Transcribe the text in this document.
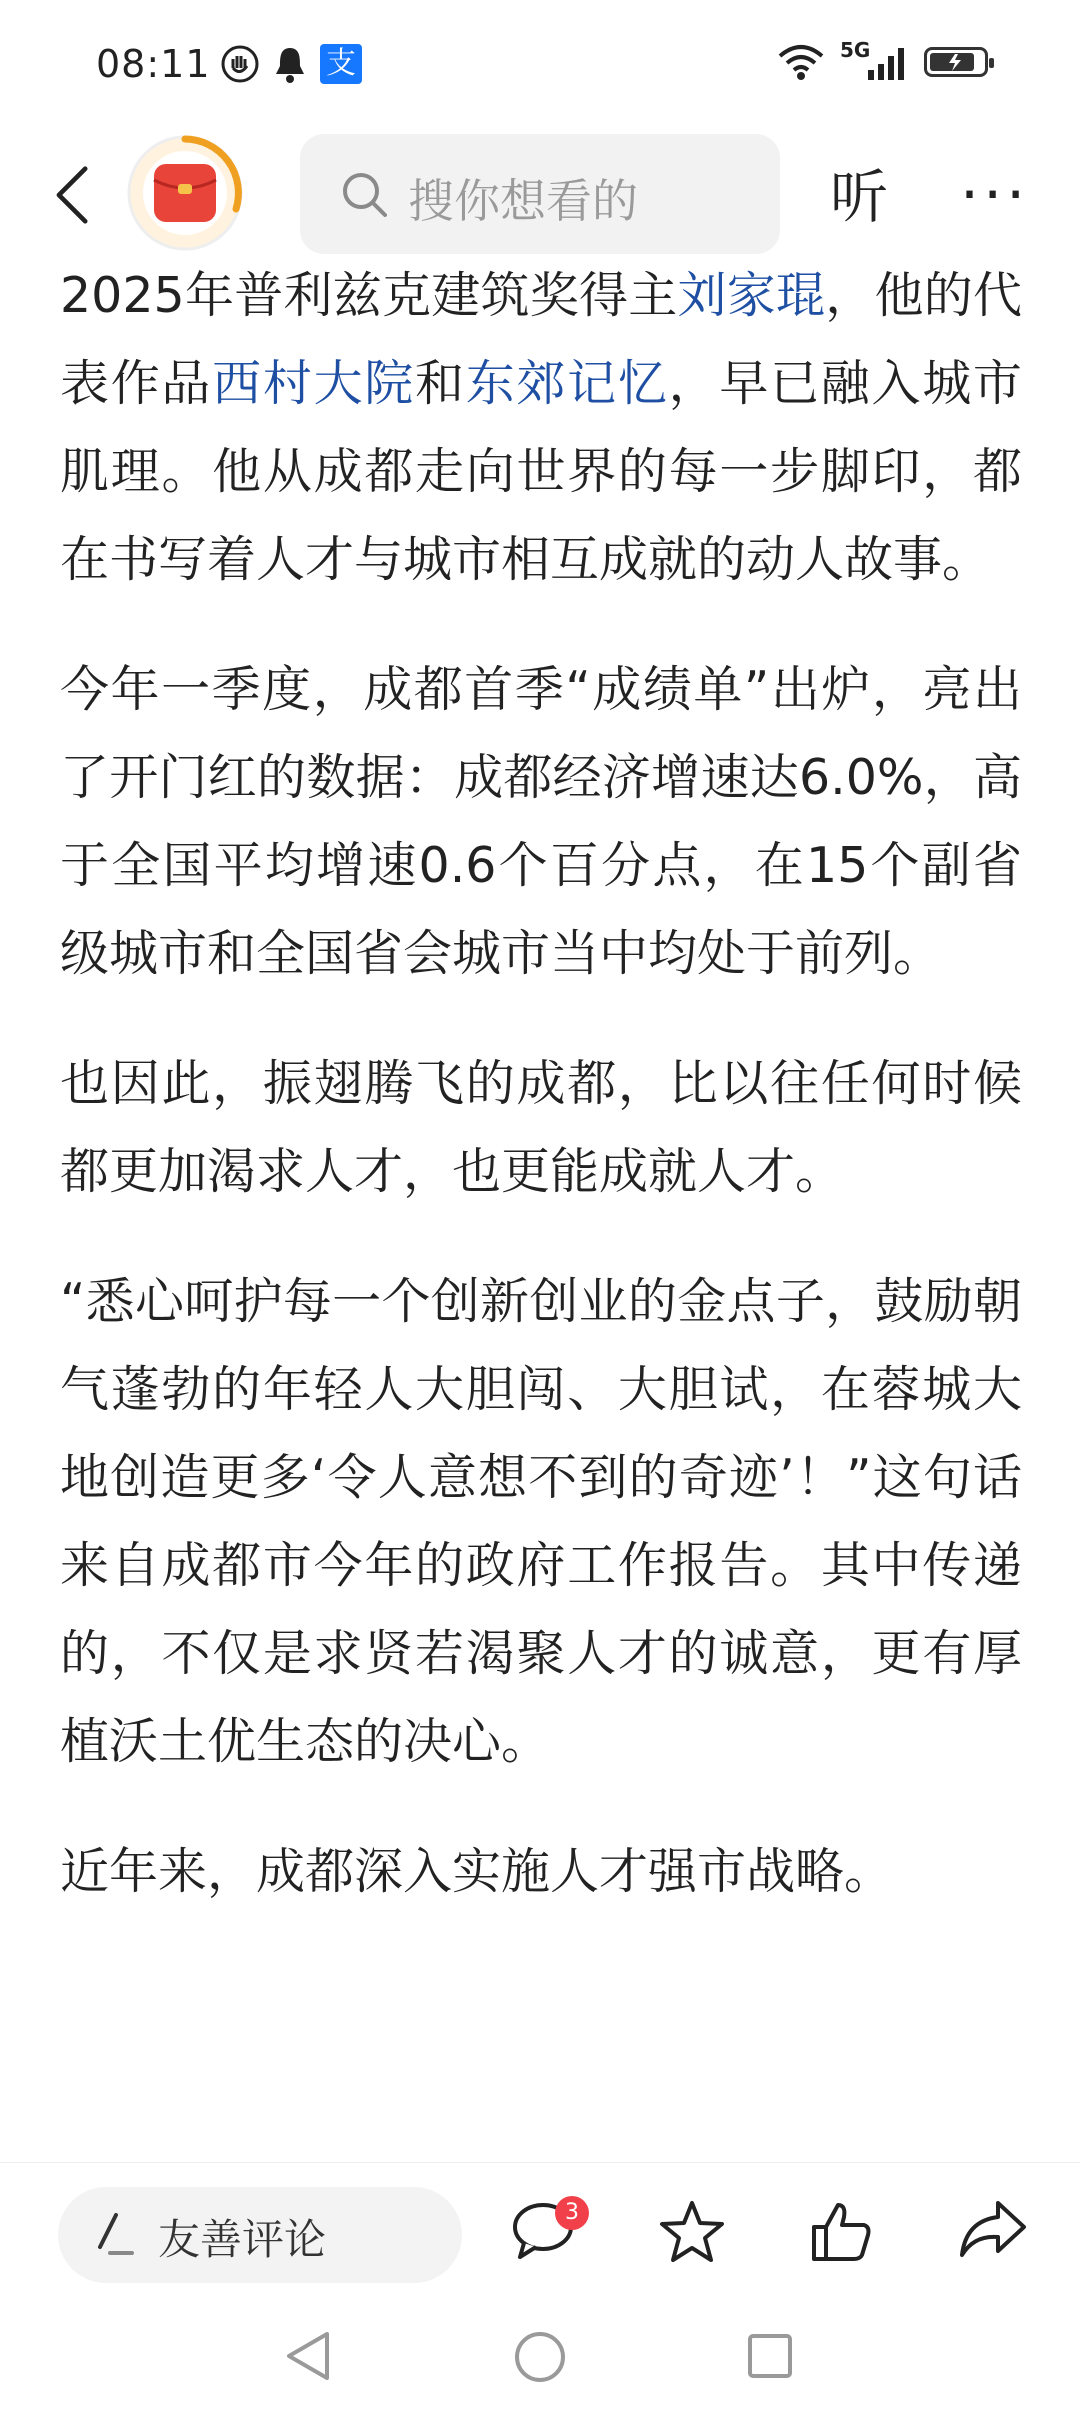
08:11	支	5G
搜你想看的	听 ···

2025年普利兹克建筑奖得主刘家琨，他的代表作品西村大院和东郊记忆，早已融入城市肌理。他从成都走向世界的每一步脚印，都在书写着人才与城市相互成就的动人故事。

今年一季度，成都首季“成绩单”出炉，亮出了开门红的数据：成都经济增速达6.0%，高于全国平均增速0.6个百分点，在15个副省级城市和全国省会城市当中均处于前列。

也因此，振翅腾飞的成都，比以往任何时候都更加渴求人才，也更能成就人才。

“悉心呵护每一个创新创业的金点子，鼓励朝气蓬勃的年轻人大胆闯、大胆试，在蓉城大地创造更多‘令人意想不到的奇迹’！”这句话来自成都市今年的政府工作报告。其中传递的，不仅是求贤若渴聚人才的诚意，更有厚植沃土优生态的决心。

近年来，成都深入实施人才强市战略。

友善评论
3
